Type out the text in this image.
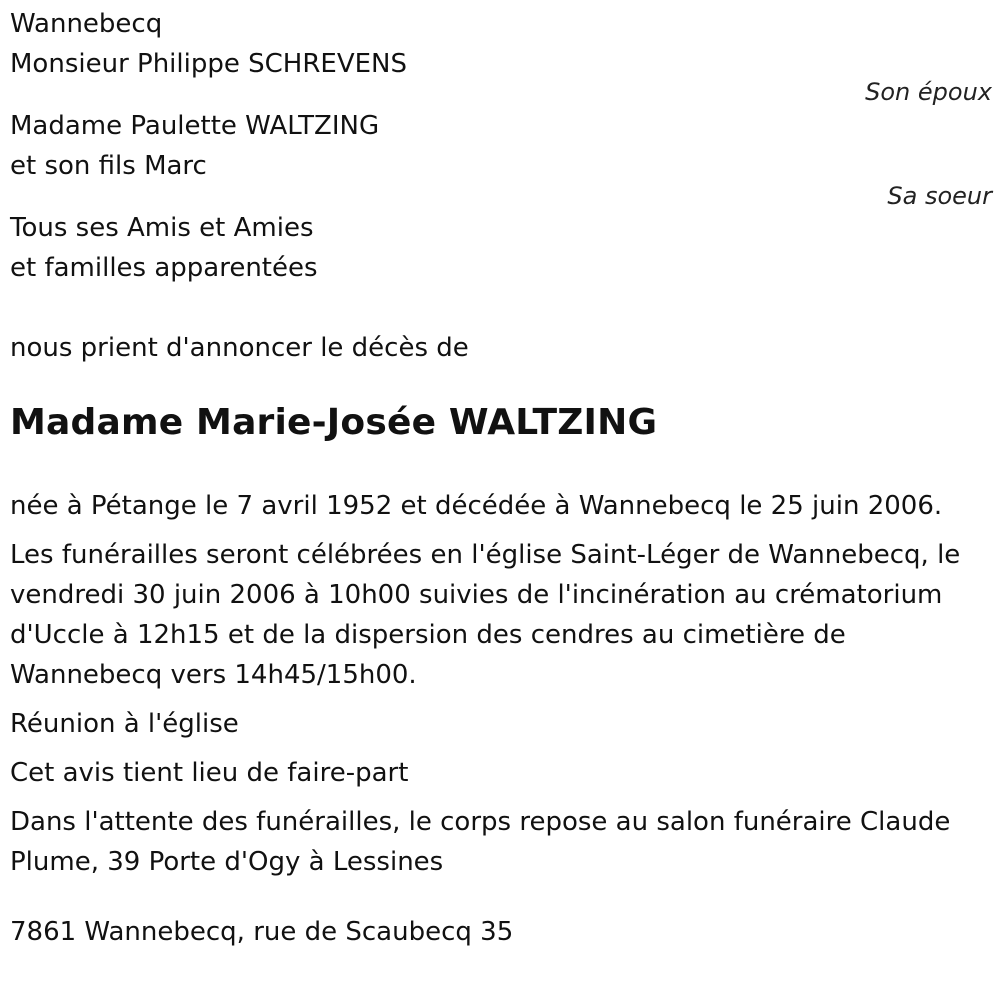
Wannebecq
Monsieur Philippe SCHREVENS
Son époux
Madame Paulette WALTZING
et son fils Marc
Sa soeur
Tous ses Amis et Amies
et familles apparentées
nous prient d'annoncer le décès de
Madame Marie-Josée WALTZING

née à Pétange le 7 avril 1952 et décédée à Wannebecq le 25 juin 2006.

Les funérailles seront célébrées en l'église Saint-Léger de Wannebecq, le vendredi 30 juin 2006 à 10h00 suivies de l'incinération au crématorium d'Uccle à 12h15 et de la dispersion des cendres au cimetière de Wannebecq vers 14h45/15h00.

Réunion à l'église

Cet avis tient lieu de faire-part

Dans l'attente des funérailles, le corps repose au salon funéraire Claude Plume, 39 Porte d'Ogy à Lessines

7861 Wannebecq, rue de Scaubecq 35
